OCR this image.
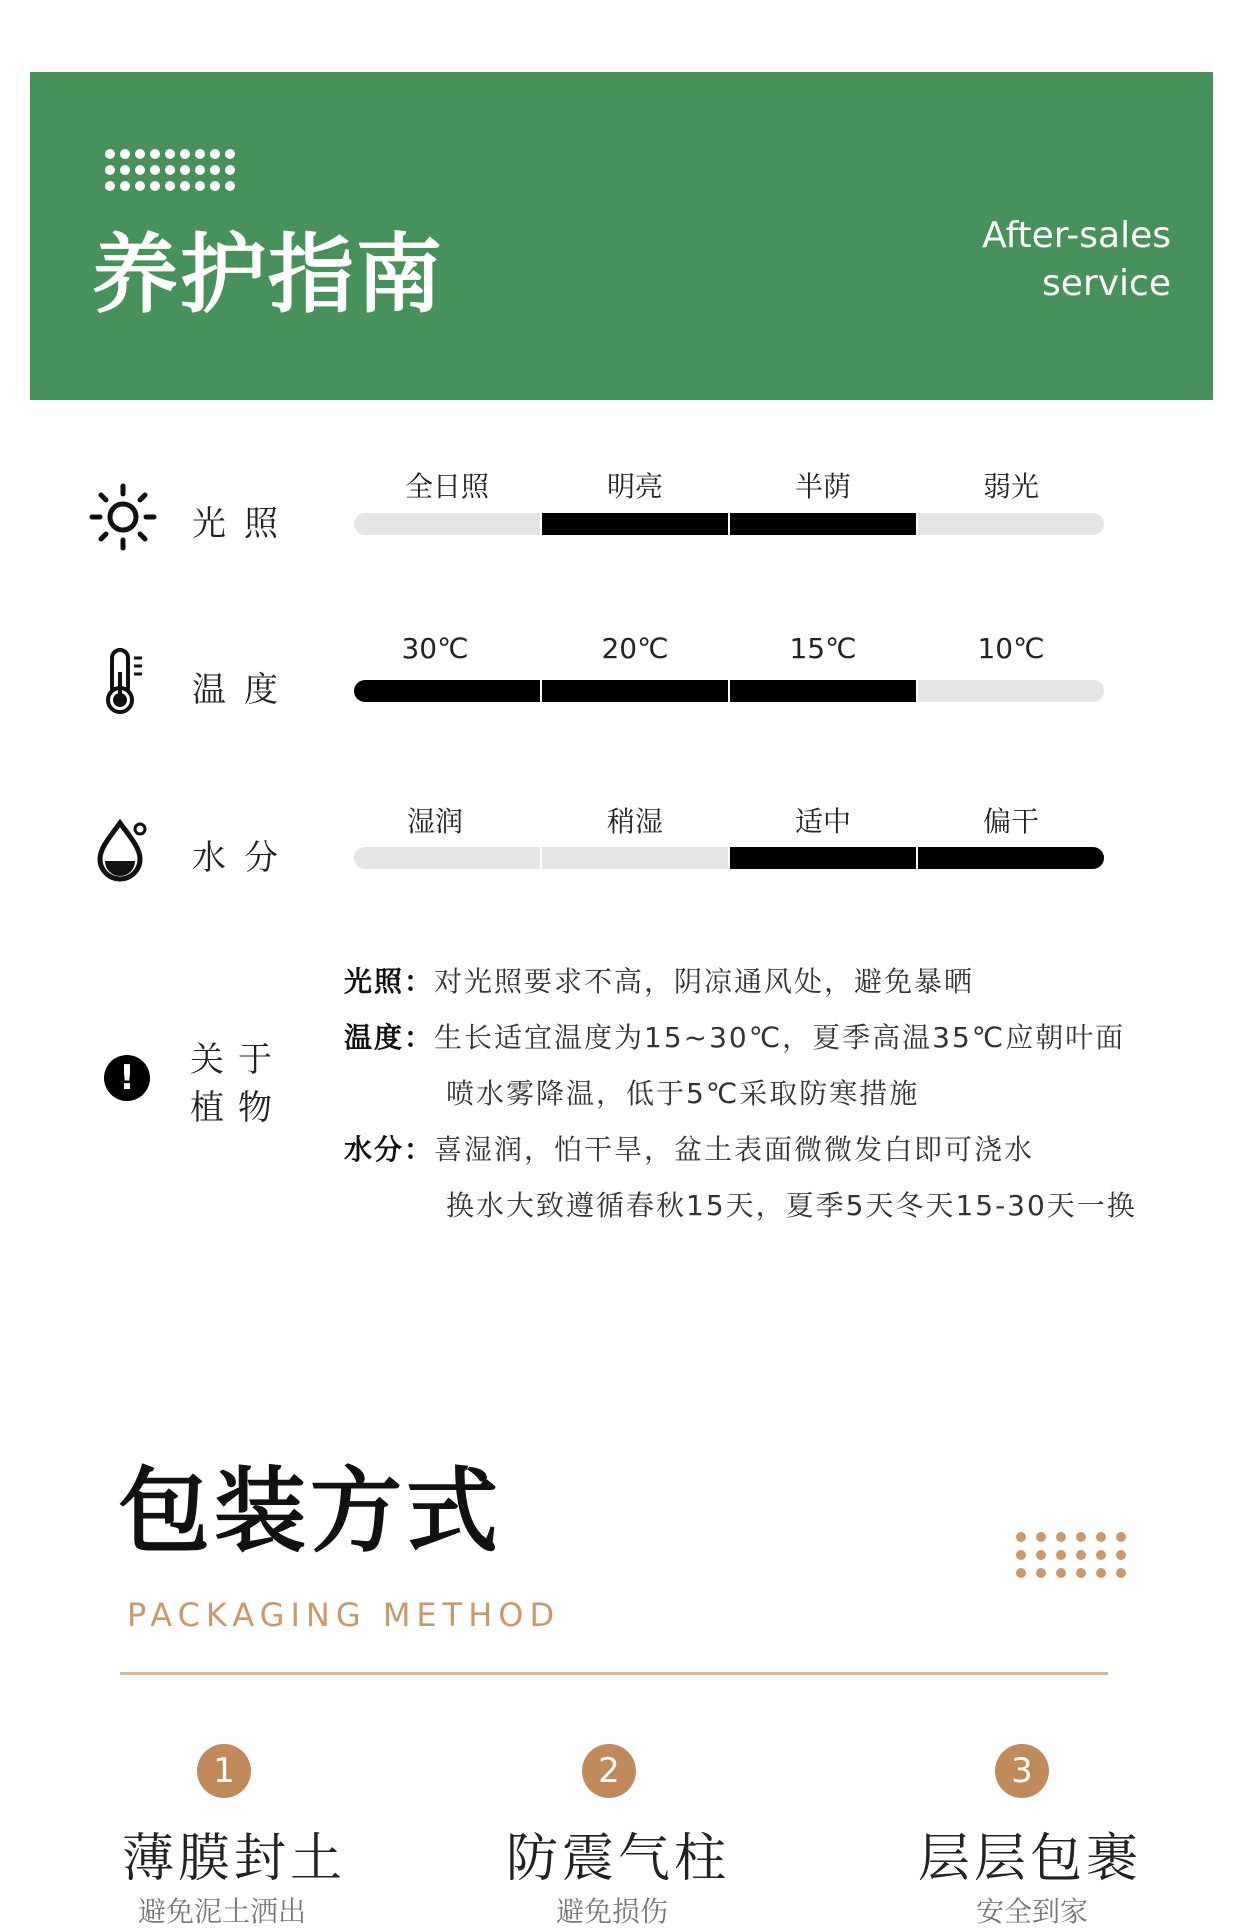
养护指南	After-sales
service
光照
全日照	明亮	半荫	弱光
温度
30℃	20℃	15℃	10℃
水分
湿润	稍湿	适中	偏干
!	关于
植物
光照：对光照要求不高，阴凉通风处，避免暴晒
温度：生长适宜温度为15~30℃，夏季高温35℃应朝叶面
喷水雾降温，低于5℃采取防寒措施
水分：喜湿润，怕干旱，盆土表面微微发白即可浇水
换水大致遵循春秋15天，夏季5天冬天15-30天一换
包装方式
PACKAGING METHOD
1
薄膜封土
避免泥土洒出
2
防震气柱
避免损伤
3
层层包裹
安全到家
